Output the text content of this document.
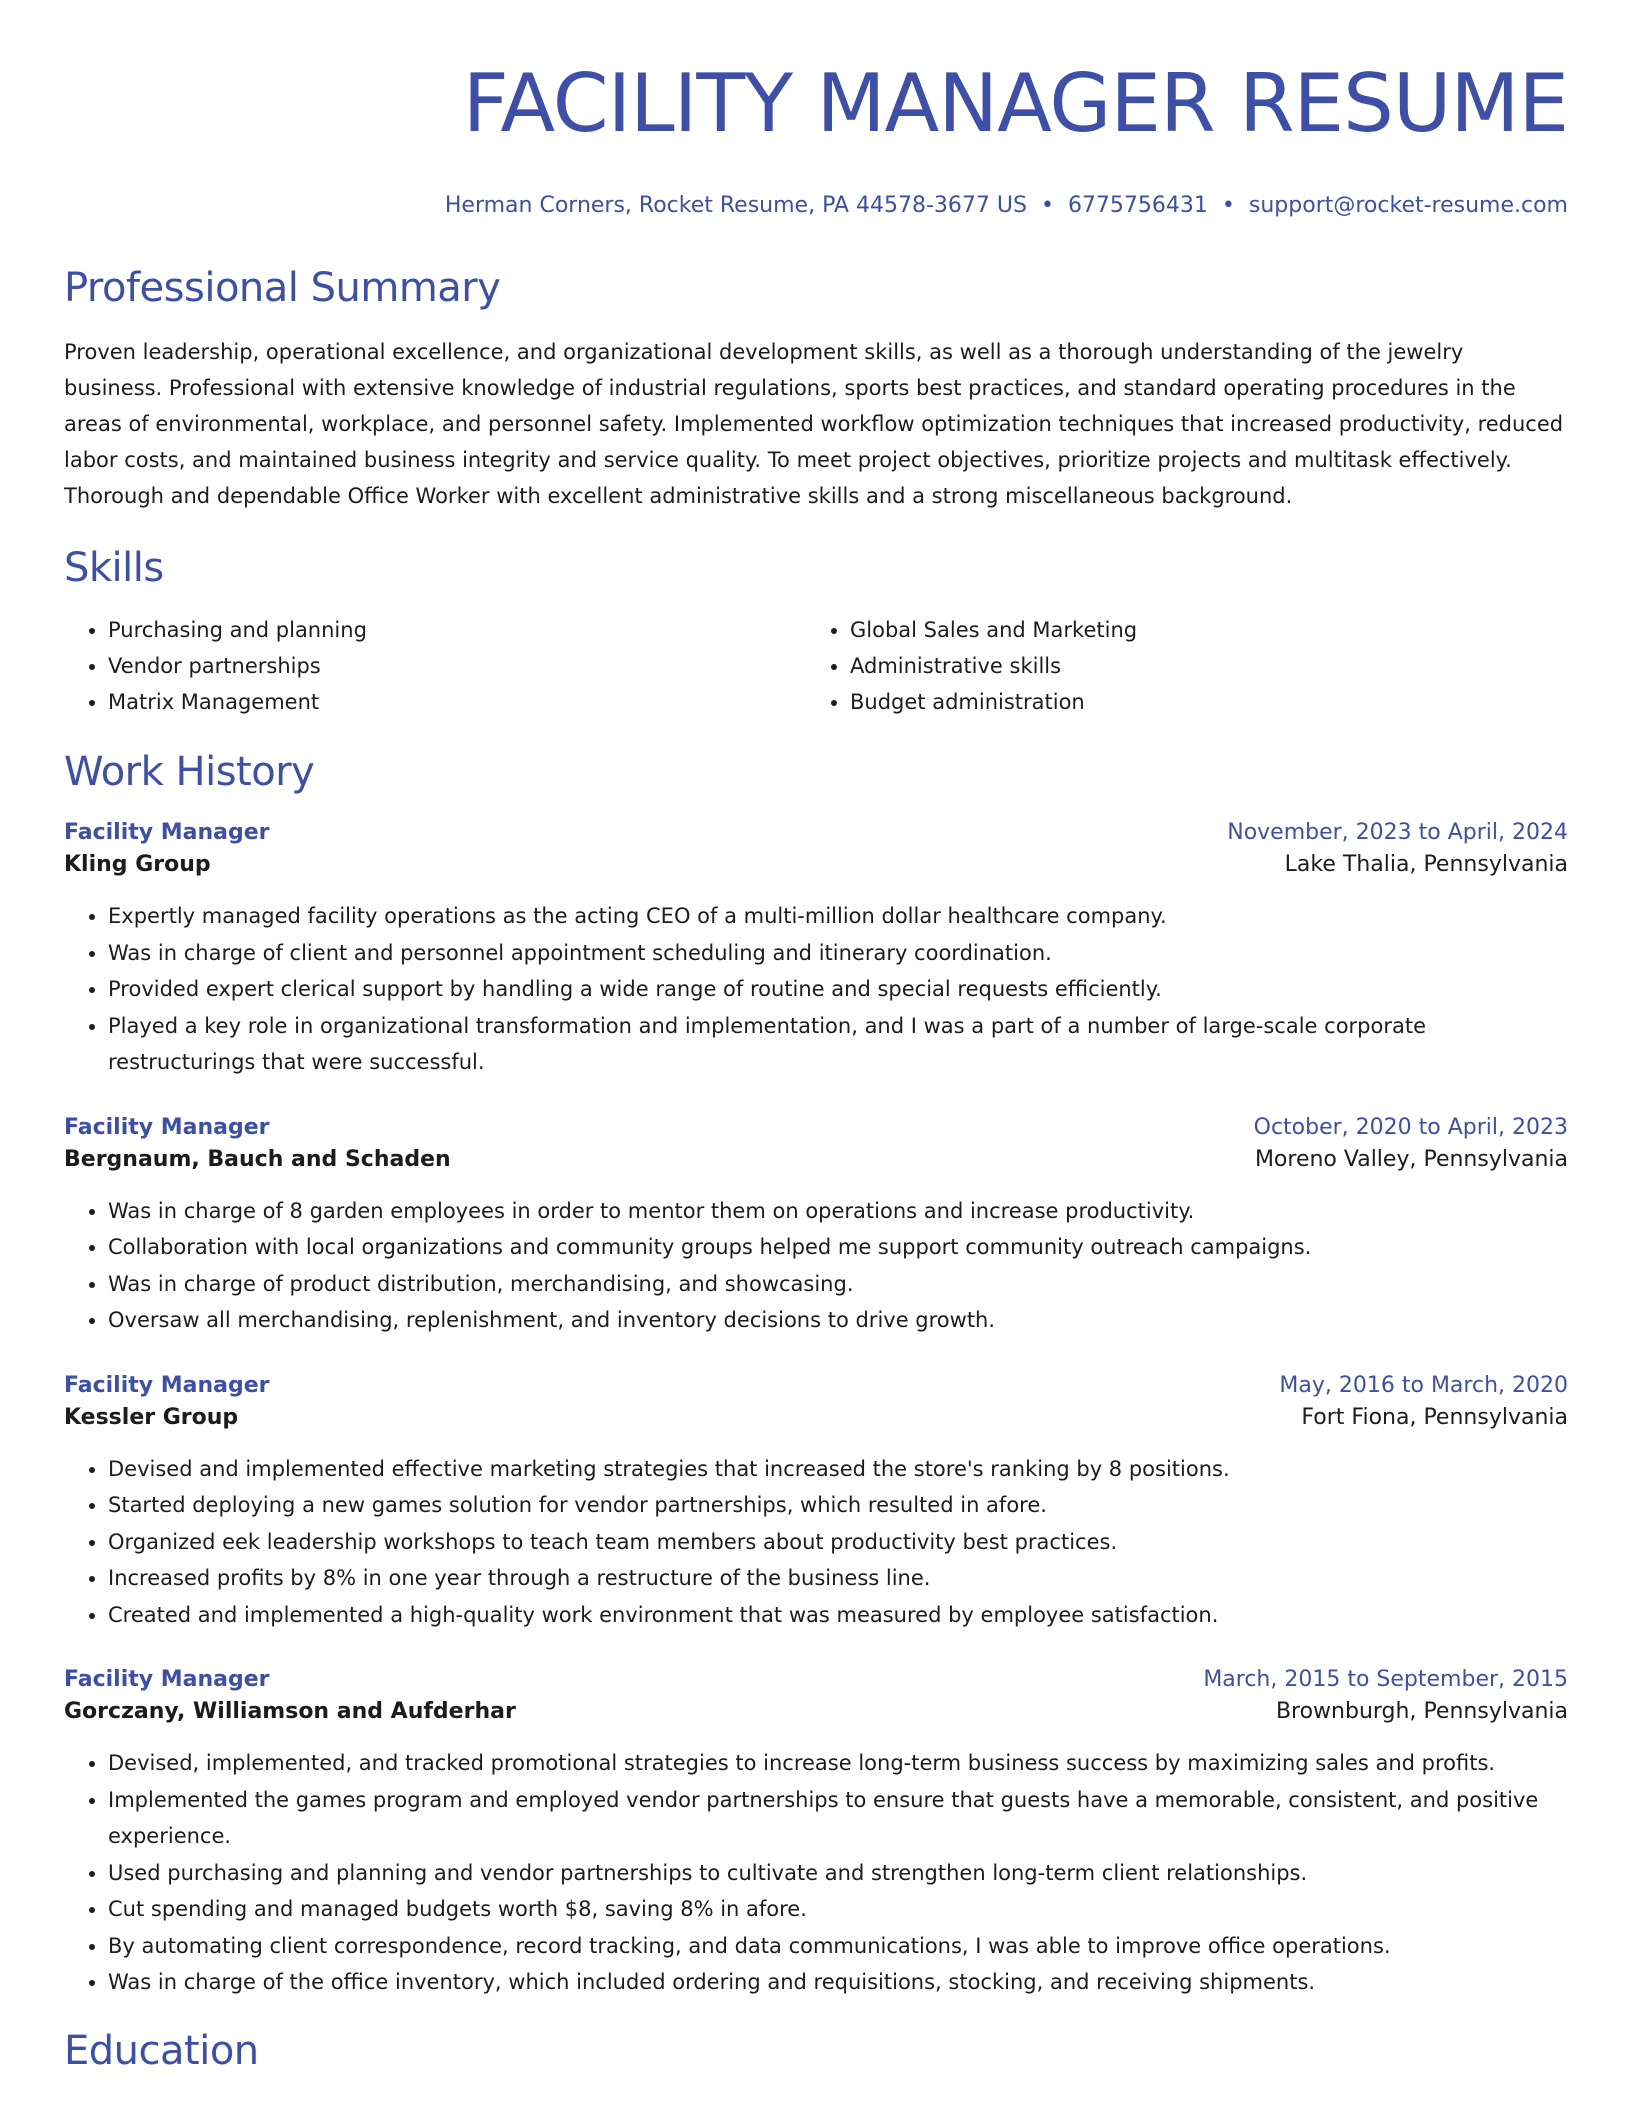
FACILITY MANAGER RESUME
Herman Corners, Rocket Resume, PA 44578-3677 US • 6775756431 • support@rocket-resume.com
Professional Summary

Proven leadership, operational excellence, and organizational development skills, as well as a thorough understanding of the jewelry business. Professional with extensive knowledge of industrial regulations, sports best practices, and standard operating procedures in the areas of environmental, workplace, and personnel safety. Implemented workflow optimization techniques that increased productivity, reduced labor costs, and maintained business integrity and service quality. To meet project objectives, prioritize projects and multitask effectively. Thorough and dependable Office Worker with excellent administrative skills and a strong miscellaneous background.

Skills
• Purchasing and planning
• Vendor partnerships
• Matrix Management
• Global Sales and Marketing
• Administrative skills
• Budget administration
Work History
Facility Manager	November, 2023 to April, 2024
Kling Group	Lake Thalia, Pennsylvania
• Expertly managed facility operations as the acting CEO of a multi-million dollar healthcare company.
• Was in charge of client and personnel appointment scheduling and itinerary coordination.
• Provided expert clerical support by handling a wide range of routine and special requests efficiently.
• Played a key role in organizational transformation and implementation, and I was a part of a number of large-scale corporate restructurings that were successful.
Facility Manager	October, 2020 to April, 2023
Bergnaum, Bauch and Schaden	Moreno Valley, Pennsylvania
• Was in charge of 8 garden employees in order to mentor them on operations and increase productivity.
• Collaboration with local organizations and community groups helped me support community outreach campaigns.
• Was in charge of product distribution, merchandising, and showcasing.
• Oversaw all merchandising, replenishment, and inventory decisions to drive growth.
Facility Manager	May, 2016 to March, 2020
Kessler Group	Fort Fiona, Pennsylvania
• Devised and implemented effective marketing strategies that increased the store's ranking by 8 positions.
• Started deploying a new games solution for vendor partnerships, which resulted in afore.
• Organized eek leadership workshops to teach team members about productivity best practices.
• Increased profits by 8% in one year through a restructure of the business line.
• Created and implemented a high-quality work environment that was measured by employee satisfaction.
Facility Manager	March, 2015 to September, 2015
Gorczany, Williamson and Aufderhar	Brownburgh, Pennsylvania
• Devised, implemented, and tracked promotional strategies to increase long-term business success by maximizing sales and profits.
• Implemented the games program and employed vendor partnerships to ensure that guests have a memorable, consistent, and positive experience.
• Used purchasing and planning and vendor partnerships to cultivate and strengthen long-term client relationships.
• Cut spending and managed budgets worth $8, saving 8% in afore.
• By automating client correspondence, record tracking, and data communications, I was able to improve office operations.
• Was in charge of the office inventory, which included ordering and requisitions, stocking, and receiving shipments.
Education
